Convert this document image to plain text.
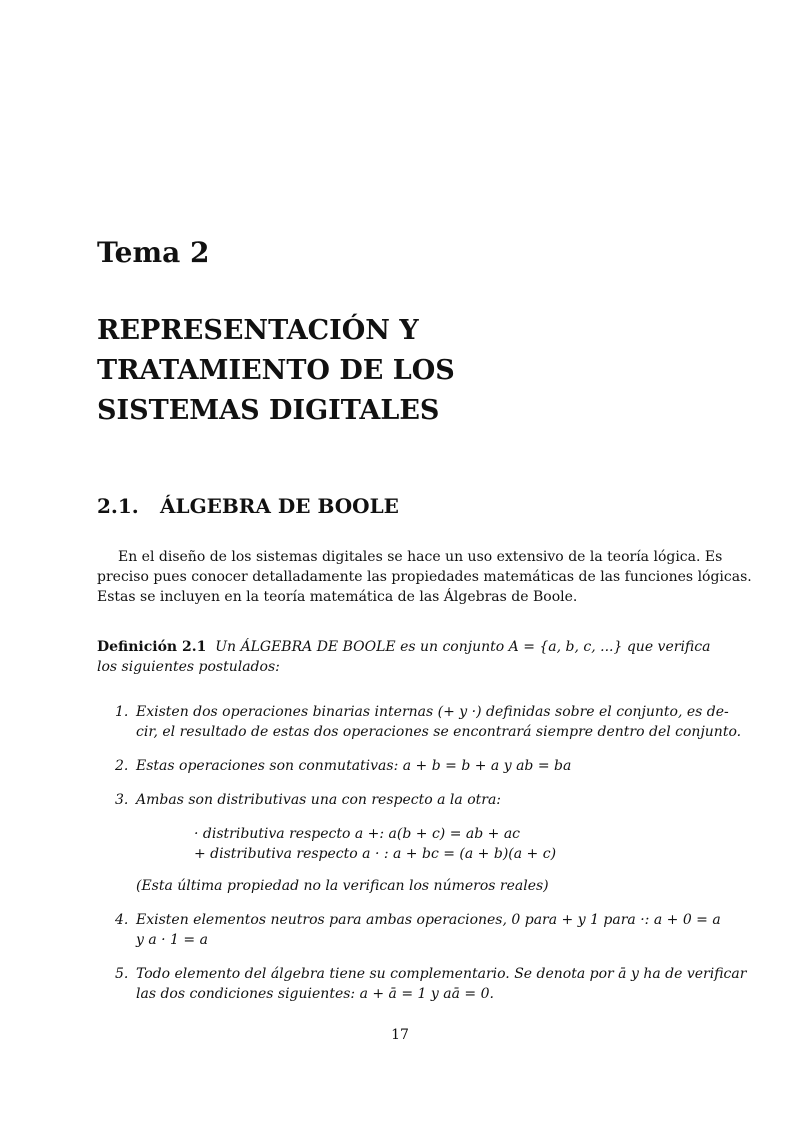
Tema 2
REPRESENTACIÓN Y
TRATAMIENTO DE LOS
SISTEMAS DIGITALES
2.1. ÁLGEBRA DE BOOLE

En el diseño de los sistemas digitales se hace un uso extensivo de la teoría lógica. Es
preciso pues conocer detalladamente las propiedades matemáticas de las funciones lógicas.
Estas se incluyen en la teoría matemática de las Álgebras de Boole.

Definición 2.1 Un ÁLGEBRA DE BOOLE es un conjunto A = {a, b, c, ...} que verifica
los siguientes postulados:

1. Existen dos operaciones binarias internas (+ y ·) definidas sobre el conjunto, es de-
cir, el resultado de estas dos operaciones se encontrará siempre dentro del conjunto.
2. Estas operaciones son conmutativas: a + b = b + a y ab = ba
3. Ambas son distributivas una con respecto a la otra:
· distributiva respecto a +: a(b + c) = ab + ac
+ distributiva respecto a · : a + bc = (a + b)(a + c)
(Esta última propiedad no la verifican los números reales)
4. Existen elementos neutros para ambas operaciones, 0 para + y 1 para ·: a + 0 = a
y a · 1 = a
5. Todo elemento del álgebra tiene su complementario. Se denota por ā y ha de verificar
las dos condiciones siguientes: a + ā = 1 y aā = 0.
17
